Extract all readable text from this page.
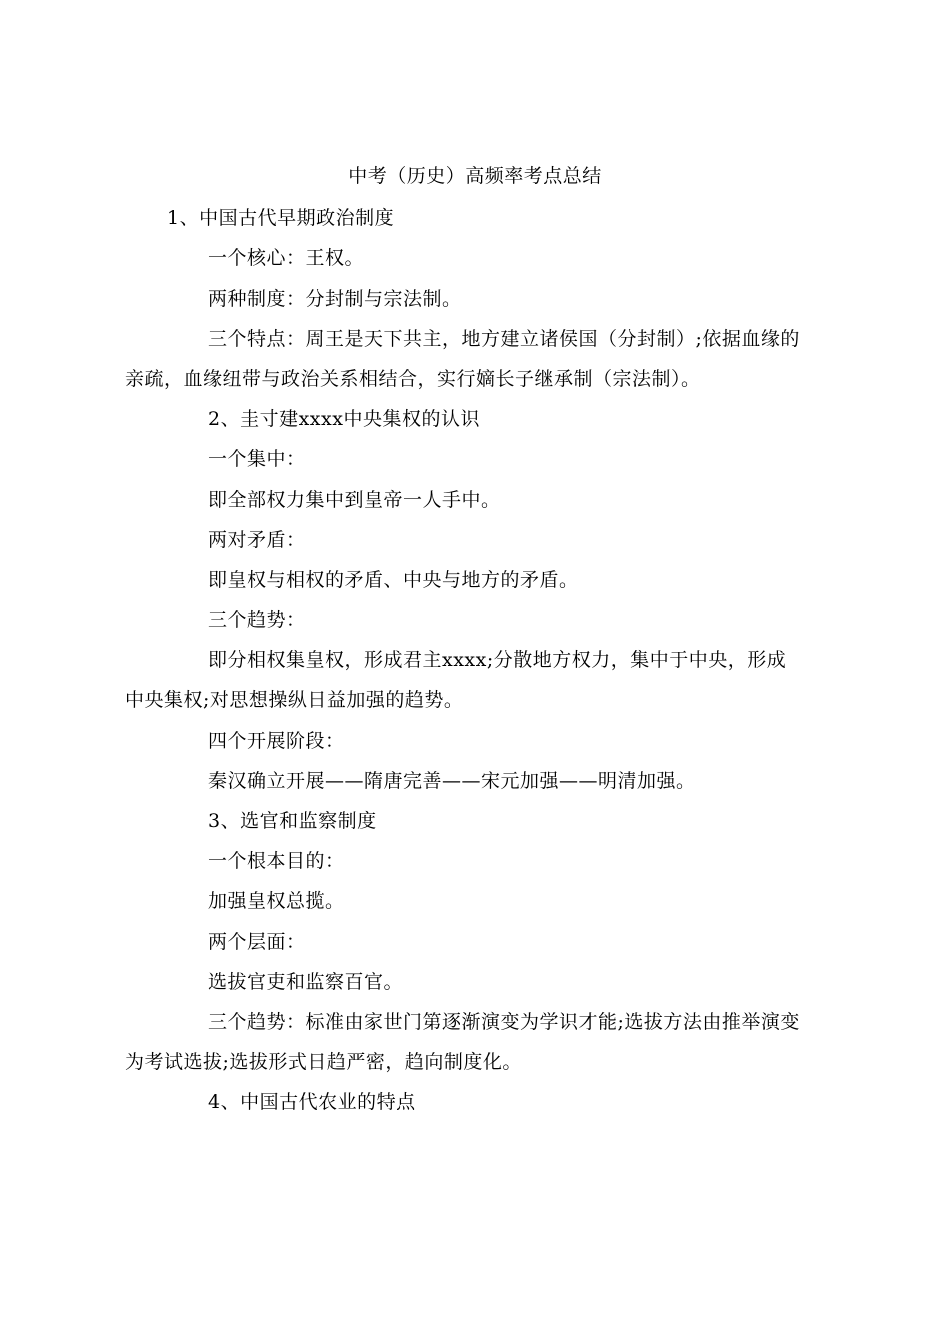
中考（历史）高频率考点总结
1、中国古代早期政治制度
一个核心：王权。
两种制度：分封制与宗法制。
三个特点：周王是天下共主，地方建立诸侯国（分封制）;依据血缘的
亲疏，血缘纽带与政治关系相结合，实行嫡长子继承制（宗法制）。
2、圭寸建xxxx中央集权的认识
一个集中：
即全部权力集中到皇帝一人手中。
两对矛盾：
即皇权与相权的矛盾、中央与地方的矛盾。
三个趋势：
即分相权集皇权，形成君主xxxx;分散地方权力，集中于中央，形成
中央集权;对思想操纵日益加强的趋势。
四个开展阶段：
秦汉确立开展——隋唐完善——宋元加强——明清加强。
3、选官和监察制度
一个根本目的：
加强皇权总揽。
两个层面：
选拔官吏和监察百官。
三个趋势：标准由家世门第逐渐演变为学识才能;选拔方法由推举演变
为考试选拔;选拔形式日趋严密，趋向制度化。
4、中国古代农业的特点
